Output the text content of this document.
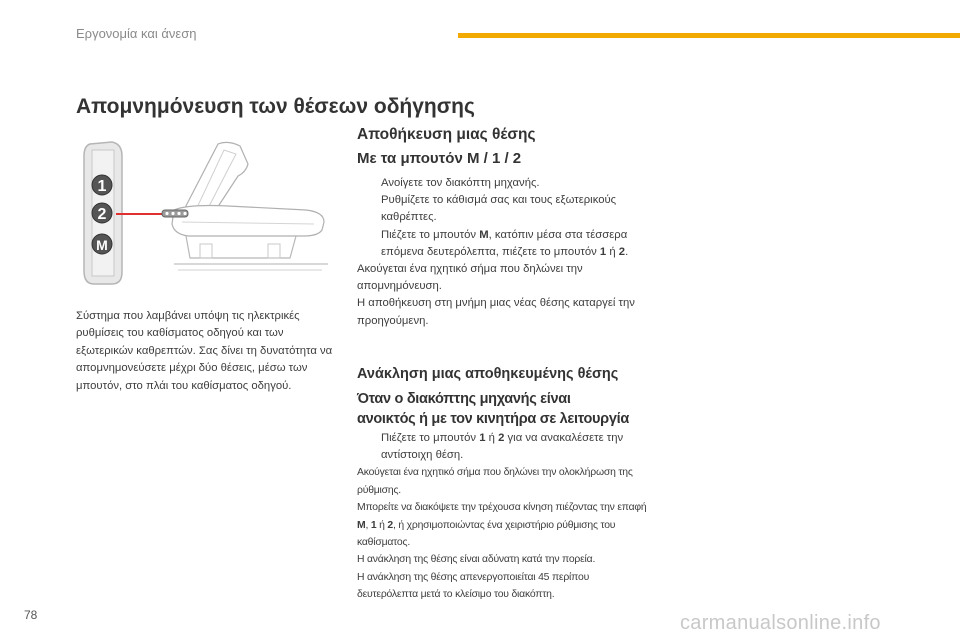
Εργονομία και άνεση
Απομνημόνευση των θέσεων οδήγησης
1
2
M
Σύστημα που λαμβάνει υπόψη τις ηλεκτρικές ρυθμίσεις του καθίσματος οδηγού και των εξωτερικών καθρεπτών. Σας δίνει τη δυνατότητα να απομνημονεύσετε μέχρι δύο θέσεις, μέσω των μπουτόν, στο πλάι του καθίσματος οδηγού.
Αποθήκευση μιας θέσης
Με τα μπουτόν M / 1 / 2
Ανοίγετε τον διακόπτη μηχανής.
Ρυθμίζετε το κάθισμά σας και τους εξωτερικούς καθρέπτες.
Πιέζετε το μπουτόν M, κατόπιν μέσα στα τέσσερα επόμενα δευτερόλεπτα, πιέζετε το μπουτόν 1 ή 2.

Ακούγεται ένα ηχητικό σήμα που δηλώνει την απομνημόνευση.

Η αποθήκευση στη μνήμη μιας νέας θέσης καταργεί την προηγούμενη.

Ανάκληση μιας αποθηκευμένης θέσης
Όταν ο διακόπτης μηχανής είναι
ανοικτός ή με τον κινητήρα σε λειτουργία
Πιέζετε το μπουτόν 1 ή 2 για να ανακαλέσετε την αντίστοιχη θέση.

Ακούγεται ένα ηχητικό σήμα που δηλώνει την ολοκλήρωση της ρύθμισης.

Μπορείτε να διακόψετε την τρέχουσα κίνηση πιέζοντας την επαφή M, 1 ή 2, ή χρησιμοποιώντας ένα χειριστήριο ρύθμισης του καθίσματος.

Η ανάκληση της θέσης είναι αδύνατη κατά την πορεία.

Η ανάκληση της θέσης απενεργοποιείται 45 περίπου δευτερόλεπτα μετά το κλείσιμο του διακόπτη.

78	carmanualsonline.info
